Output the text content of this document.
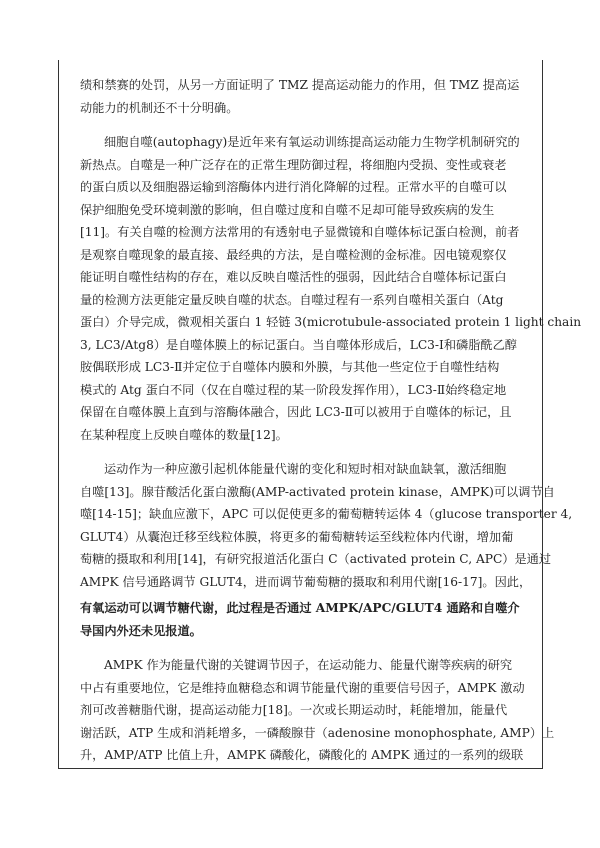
绩和禁赛的处罚，从另一方面证明了 TMZ 提高运动能力的作用，但 TMZ 提高运
动能力的机制还不十分明确。
细胞自噬(autophagy)是近年来有氧运动训练提高运动能力生物学机制研究的
新热点。自噬是一种广泛存在的正常生理防御过程，将细胞内受损、变性或衰老
的蛋白质以及细胞器运输到溶酶体内进行消化降解的过程。正常水平的自噬可以
保护细胞免受环境刺激的影响，但自噬过度和自噬不足却可能导致疾病的发生
[11]。有关自噬的检测方法常用的有透射电子显微镜和自噬体标记蛋白检测，前者
是观察自噬现象的最直接、最经典的方法，是自噬检测的金标准。因电镜观察仅
能证明自噬性结构的存在，难以反映自噬活性的强弱，因此结合自噬体标记蛋白
量的检测方法更能定量反映自噬的状态。自噬过程有一系列自噬相关蛋白（Atg
蛋白）介导完成，微观相关蛋白 1 轻链 3(microtubule-associated protein 1 light chain
3, LC3/Atg8）是自噬体膜上的标记蛋白。当自噬体形成后，LC3-Ⅰ和磷脂酰乙醇
胺偶联形成 LC3-Ⅱ并定位于自噬体内膜和外膜，与其他一些定位于自噬性结构
模式的 Atg 蛋白不同（仅在自噬过程的某一阶段发挥作用），LC3-Ⅱ始终稳定地
保留在自噬体膜上直到与溶酶体融合，因此 LC3-Ⅱ可以被用于自噬体的标记，且
在某种程度上反映自噬体的数量[12]。
运动作为一种应激引起机体能量代谢的变化和短时相对缺血缺氧，激活细胞
自噬[13]。腺苷酸活化蛋白激酶(AMP-activated protein kinase，AMPK)可以调节自
噬[14-15]；缺血应激下，APC 可以促使更多的葡萄糖转运体 4（glucose transporter 4,
GLUT4）从囊泡迁移至线粒体膜，将更多的葡萄糖转运至线粒体内代谢，增加葡
萄糖的摄取和利用[14]，有研究报道活化蛋白 C（activated protein C, APC）是通过
AMPK 信号通路调节 GLUT4，进而调节葡萄糖的摄取和利用代谢[16-17]。因此，
有氧运动可以调节糖代谢，此过程是否通过 AMPK/APC/GLUT4 通路和自噬介
导国内外还未见报道。
AMPK 作为能量代谢的关键调节因子，在运动能力、能量代谢等疾病的研究
中占有重要地位，它是维持血糖稳态和调节能量代谢的重要信号因子，AMPK 激动
剂可改善糖脂代谢，提高运动能力[18]。一次或长期运动时，耗能增加，能量代
谢活跃，ATP 生成和消耗增多，一磷酸腺苷（adenosine monophosphate, AMP）上
升，AMP/ATP 比值上升，AMPK 磷酸化，磷酸化的 AMPK 通过的一系列的级联
